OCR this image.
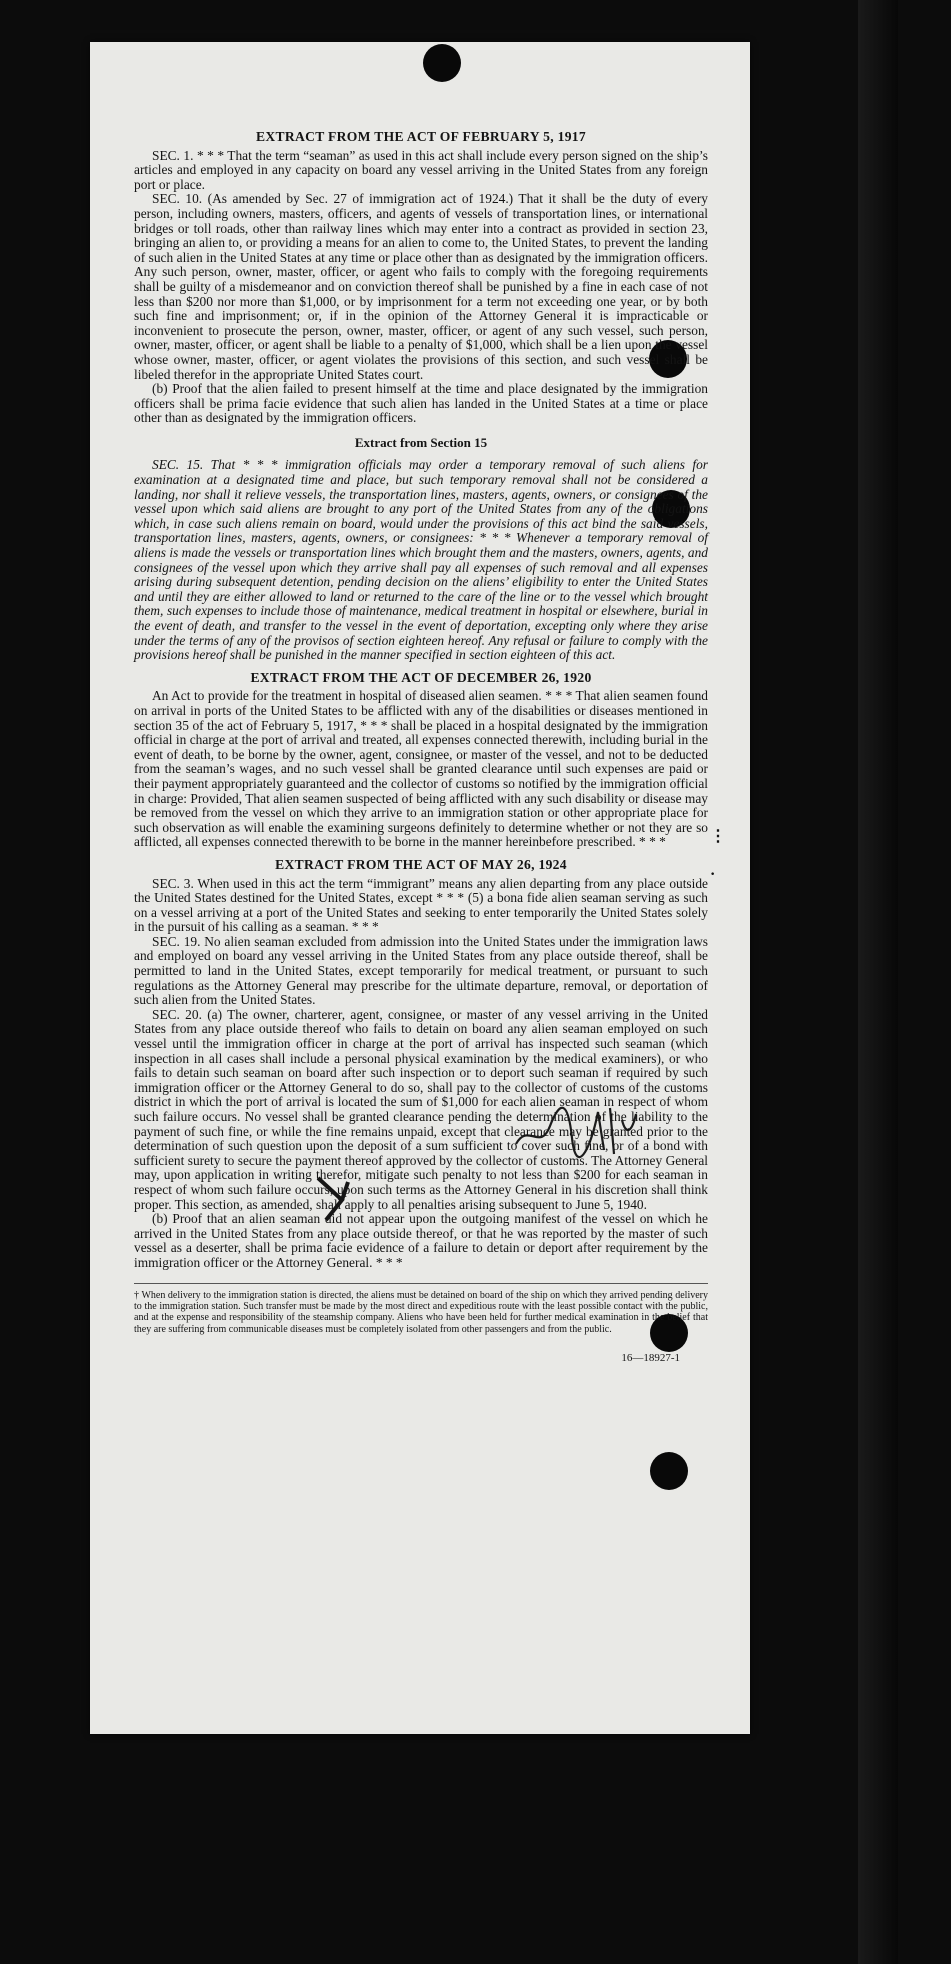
EXTRACT FROM THE ACT OF FEBRUARY 5, 1917

SEC. 1. * * * That the term “seaman” as used in this act shall include every person signed on the ship’s articles and employed in any capacity on board any vessel arriving in the United States from any foreign port or place.

SEC. 10. (As amended by Sec. 27 of immigration act of 1924.) That it shall be the duty of every person, including owners, masters, officers, and agents of vessels of transportation lines, or international bridges or toll roads, other than railway lines which may enter into a contract as provided in section 23, bringing an alien to, or providing a means for an alien to come to, the United States, to prevent the landing of such alien in the United States at any time or place other than as designated by the immigration officers. Any such person, owner, master, officer, or agent who fails to comply with the foregoing requirements shall be guilty of a misdemeanor and on conviction thereof shall be punished by a fine in each case of not less than $200 nor more than $1,000, or by imprisonment for a term not exceeding one year, or by both such fine and imprisonment; or, if in the opinion of the Attorney General it is impracticable or inconvenient to prosecute the person, owner, master, officer, or agent of any such vessel, such person, owner, master, officer, or agent shall be liable to a penalty of $1,000, which shall be a lien upon the vessel whose owner, master, officer, or agent violates the provisions of this section, and such vessel shall be libeled therefor in the appropriate United States court.

(b) Proof that the alien failed to present himself at the time and place designated by the immigration officers shall be prima facie evidence that such alien has landed in the United States at a time or place other than as designated by the immigration officers.

Extract from Section 15

SEC. 15. That * * * immigration officials may order a temporary removal of such aliens for examination at a designated time and place, but such temporary removal shall not be considered a landing, nor shall it relieve vessels, the transportation lines, masters, agents, owners, or consignees of the vessel upon which said aliens are brought to any port of the United States from any of the obligations which, in case such aliens remain on board, would under the provisions of this act bind the said vessels, transportation lines, masters, agents, owners, or consignees: * * * Whenever a temporary removal of aliens is made the vessels or transportation lines which brought them and the masters, owners, agents, and consignees of the vessel upon which they arrive shall pay all expenses of such removal and all expenses arising during subsequent detention, pending decision on the aliens’ eligibility to enter the United States and until they are either allowed to land or returned to the care of the line or to the vessel which brought them, such expenses to include those of maintenance, medical treatment in hospital or elsewhere, burial in the event of death, and transfer to the vessel in the event of deportation, excepting only where they arise under the terms of any of the provisos of section eighteen hereof. Any refusal or failure to comply with the provisions hereof shall be punished in the manner specified in section eighteen of this act.

EXTRACT FROM THE ACT OF DECEMBER 26, 1920

An Act to provide for the treatment in hospital of diseased alien seamen. * * * That alien seamen found on arrival in ports of the United States to be afflicted with any of the disabilities or diseases mentioned in section 35 of the act of February 5, 1917, * * * shall be placed in a hospital designated by the immigration official in charge at the port of arrival and treated, all expenses connected therewith, including burial in the event of death, to be borne by the owner, agent, consignee, or master of the vessel, and not to be deducted from the seaman’s wages, and no such vessel shall be granted clearance until such expenses are paid or their payment appropriately guaranteed and the collector of customs so notified by the immigration official in charge: Provided, That alien seamen suspected of being afflicted with any such disability or disease may be removed from the vessel on which they arrive to an immigration station or other appropriate place for such observation as will enable the examining surgeons definitely to determine whether or not they are so afflicted, all expenses connected therewith to be borne in the manner hereinbefore prescribed. * * *

EXTRACT FROM THE ACT OF MAY 26, 1924

SEC. 3. When used in this act the term “immigrant” means any alien departing from any place outside the United States destined for the United States, except * * * (5) a bona fide alien seaman serving as such on a vessel arriving at a port of the United States and seeking to enter temporarily the United States solely in the pursuit of his calling as a seaman. * * *

SEC. 19. No alien seaman excluded from admission into the United States under the immigration laws and employed on board any vessel arriving in the United States from any place outside thereof, shall be permitted to land in the United States, except temporarily for medical treatment, or pursuant to such regulations as the Attorney General may prescribe for the ultimate departure, removal, or deportation of such alien from the United States.

SEC. 20. (a) The owner, charterer, agent, consignee, or master of any vessel arriving in the United States from any place outside thereof who fails to detain on board any alien seaman employed on such vessel until the immigration officer in charge at the port of arrival has inspected such seaman (which inspection in all cases shall include a personal physical examination by the medical examiners), or who fails to detain such seaman on board after such inspection or to deport such seaman if required by such immigration officer or the Attorney General to do so, shall pay to the collector of customs of the customs district in which the port of arrival is located the sum of $1,000 for each alien seaman in respect of whom such failure occurs. No vessel shall be granted clearance pending the determination of the liability to the payment of such fine, or while the fine remains unpaid, except that clearance may be granted prior to the determination of such question upon the deposit of a sum sufficient to cover such fine, or of a bond with sufficient surety to secure the payment thereof approved by the collector of customs. The Attorney General may, upon application in writing therefor, mitigate such penalty to not less than $200 for each seaman in respect of whom such failure occurs, upon such terms as the Attorney General in his discretion shall think proper. This section, as amended, shall apply to all penalties arising subsequent to June 5, 1940.

(b) Proof that an alien seaman did not appear upon the outgoing manifest of the vessel on which he arrived in the United States from any place outside thereof, or that he was reported by the master of such vessel as a deserter, shall be prima facie evidence of a failure to detain or deport after requirement by the immigration officer or the Attorney General. * * *

† When delivery to the immigration station is directed, the aliens must be detained on board of the ship on which they arrived pending delivery to the immigration station. Such transfer must be made by the most direct and expeditious route with the least possible contact with the public, and at the expense and responsibility of the steamship company. Aliens who have been held for further medical examination in the belief that they are suffering from communicable diseases must be completely isolated from other passengers and from the public.
16—18927-1
⋮
·
